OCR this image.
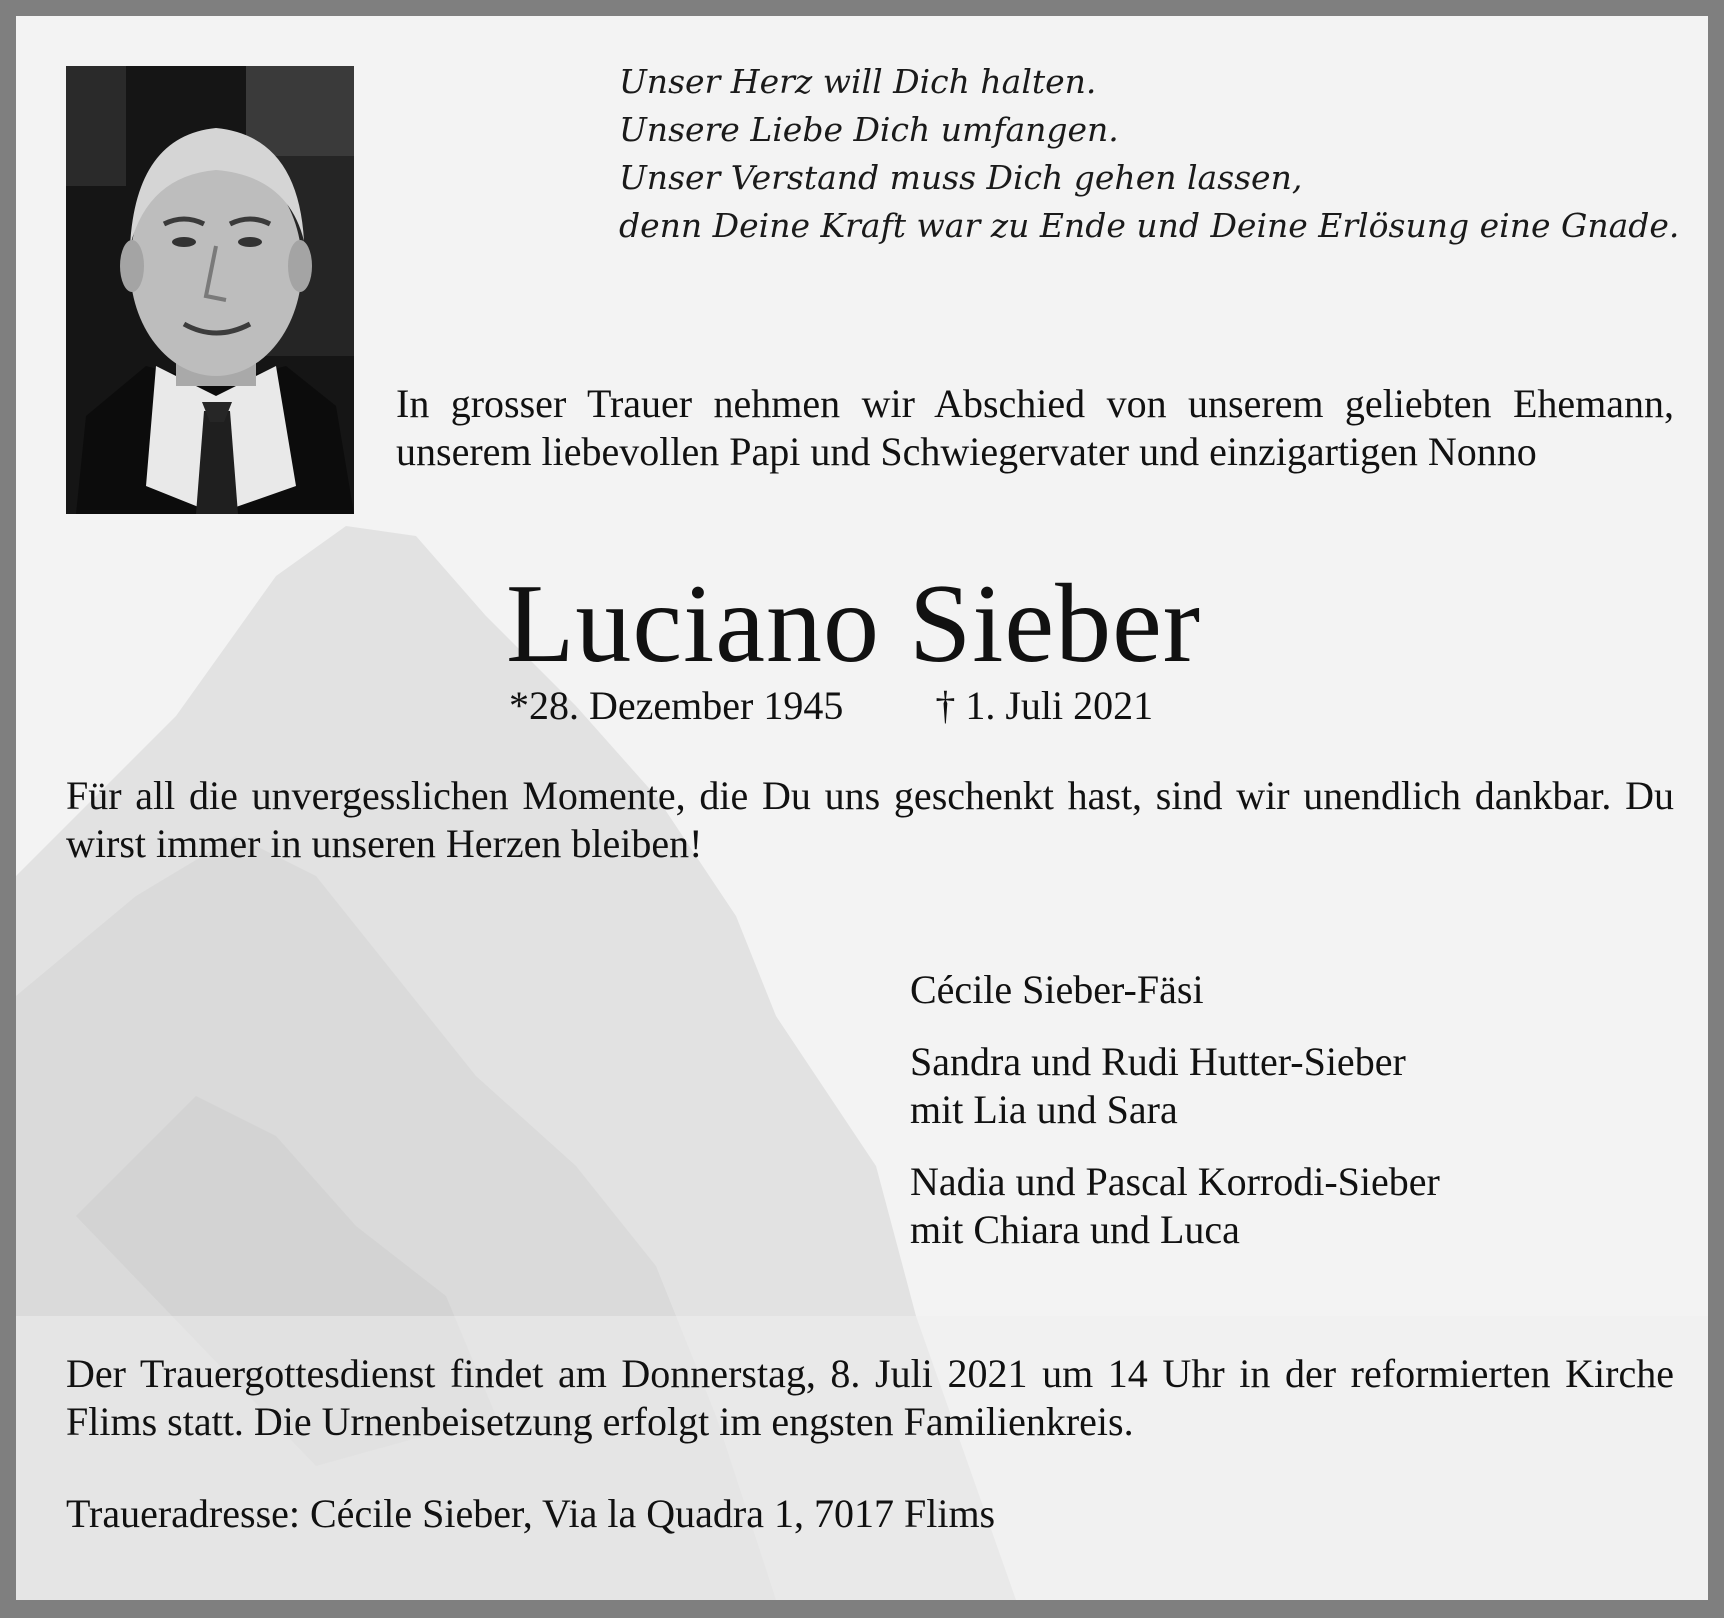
Unser Herz will Dich halten.
Unsere Liebe Dich umfangen.
Unser Verstand muss Dich gehen lassen,
denn Deine Kraft war zu Ende und Deine Erlösung eine Gnade.

In grosser Trauer nehmen wir Abschied von unserem geliebten Ehemann, unserem liebevollen Papi und Schwiegervater und einzigartigen Nonno

Luciano Sieber
*28. Dezember 1945 † 1. Juli 2021

Für all die unvergesslichen Momente, die Du uns geschenkt hast, sind wir unendlich dankbar. Du wirst immer in unseren Herzen bleiben!

Cécile Sieber-Fäsi
Sandra und Rudi Hutter-Sieber
mit Lia und Sara
Nadia und Pascal Korrodi-Sieber
mit Chiara und Luca

Der Trauergottesdienst findet am Donnerstag, 8. Juli 2021 um 14 Uhr in der reformierten Kirche Flims statt. Die Urnenbeisetzung erfolgt im engsten Familienkreis.

Traueradresse: Cécile Sieber, Via la Quadra 1, 7017 Flims
